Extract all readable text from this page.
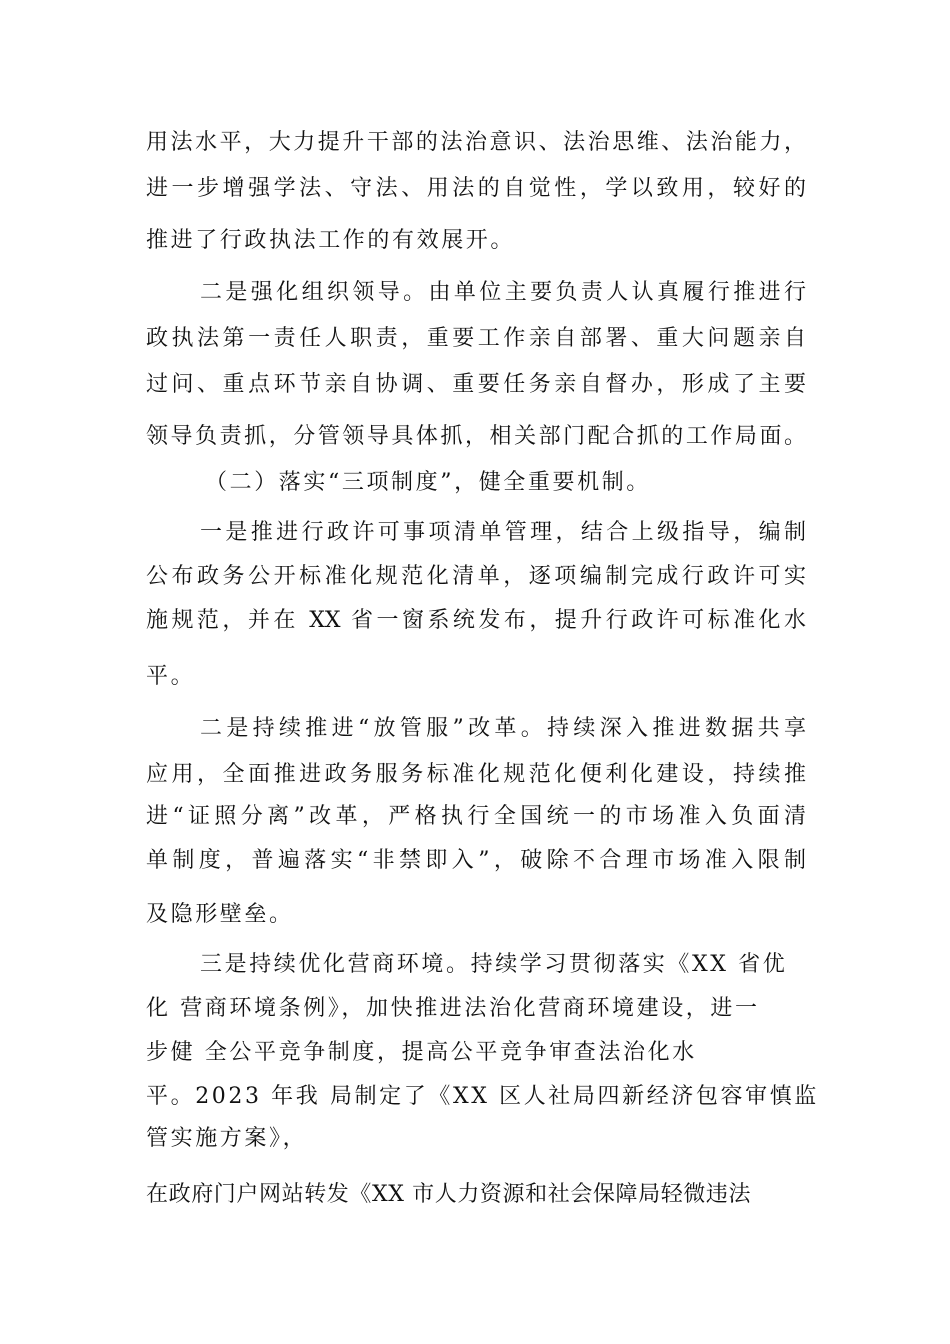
用法水平，大力提升干部的法治意识、法治思维、法治能力，
进一步增强学法、守法、用法的自觉性，学以致用，较好的
推进了行政执法工作的有效展开。
二是强化组织领导。由单位主要负责人认真履行推进行
政执法第一责任人职责，重要工作亲自部署、重大问题亲自
过问、重点环节亲自协调、重要任务亲自督办，形成了主要
领导负责抓，分管领导具体抓，相关部门配合抓的工作局面。
（二）落实“三项制度”，健全重要机制。
一是推进行政许可事项清单管理，结合上级指导，编制
公布政务公开标准化规范化清单，逐项编制完成行政许可实
施规范，并在 XX 省一窗系统发布，提升行政许可标准化水
平。
二是持续推进“放管服”改革。持续深入推进数据共享
应用，全面推进政务服务标准化规范化便利化建设，持续推
进“证照分离”改革，严格执行全国统一的市场准入负面清
单制度，普遍落实“非禁即入”，破除不合理市场准入限制
及隐形壁垒。
三是持续优化营商环境。持续学习贯彻落实《XX 省优
化 营商环境条例》，加快推进法治化营商环境建设，进一
步健 全公平竞争制度，提高公平竞争审查法治化水
平。2023 年我 局制定了《XX 区人社局四新经济包容审慎监
管实施方案》，
在政府门户网站转发《XX 市人力资源和社会保障局轻微违法
